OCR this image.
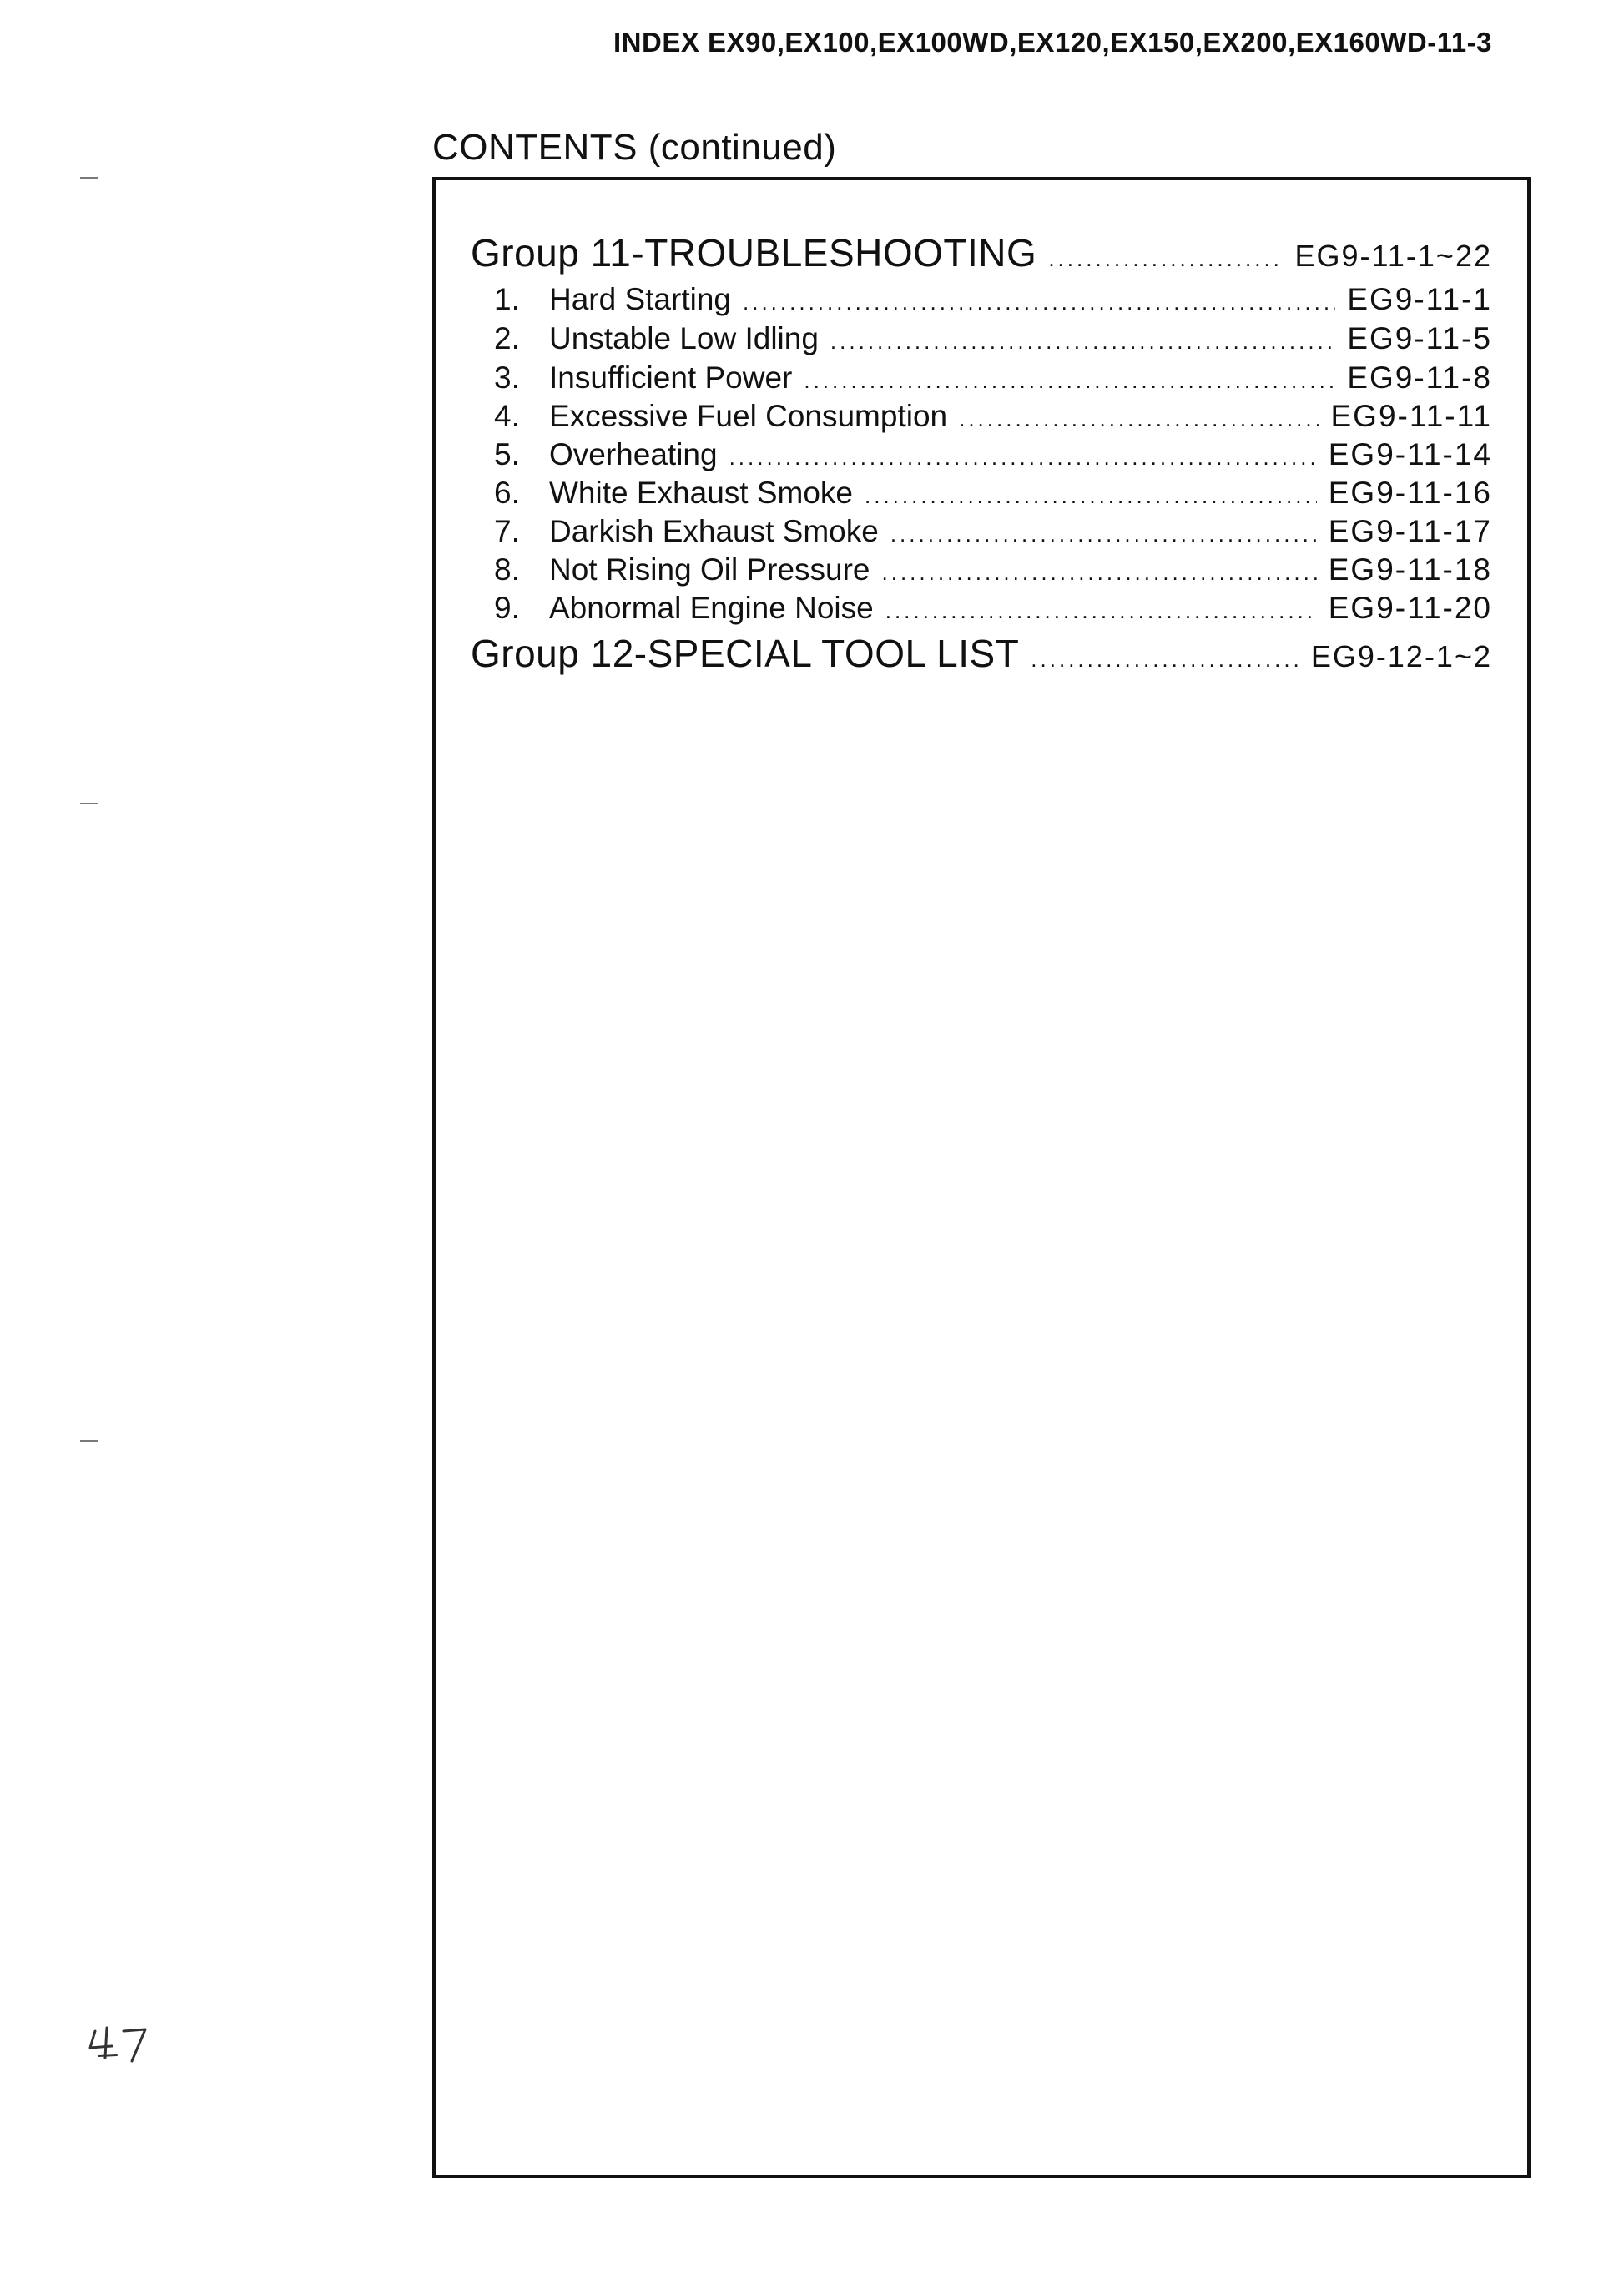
INDEX EX90,EX100,EX100WD,EX120,EX150,EX200,EX160WD-11-3
CONTENTS (continued)
Group 11-TROUBLESHOOTING .....	EG9-11-1~22
1. Hard Starting .....	EG9-11-1
2. Unstable Low Idling .....	EG9-11-5
3. Insufficient Power .....	EG9-11-8
4. Excessive Fuel Consumption .....	EG9-11-11
5. Overheating .....	EG9-11-14
6. White Exhaust Smoke .....	EG9-11-16
7. Darkish Exhaust Smoke .....	EG9-11-17
8. Not Rising Oil Pressure .....	EG9-11-18
9. Abnormal Engine Noise .....	EG9-11-20
Group 12-SPECIAL TOOL LIST .....	EG9-12-1~2
